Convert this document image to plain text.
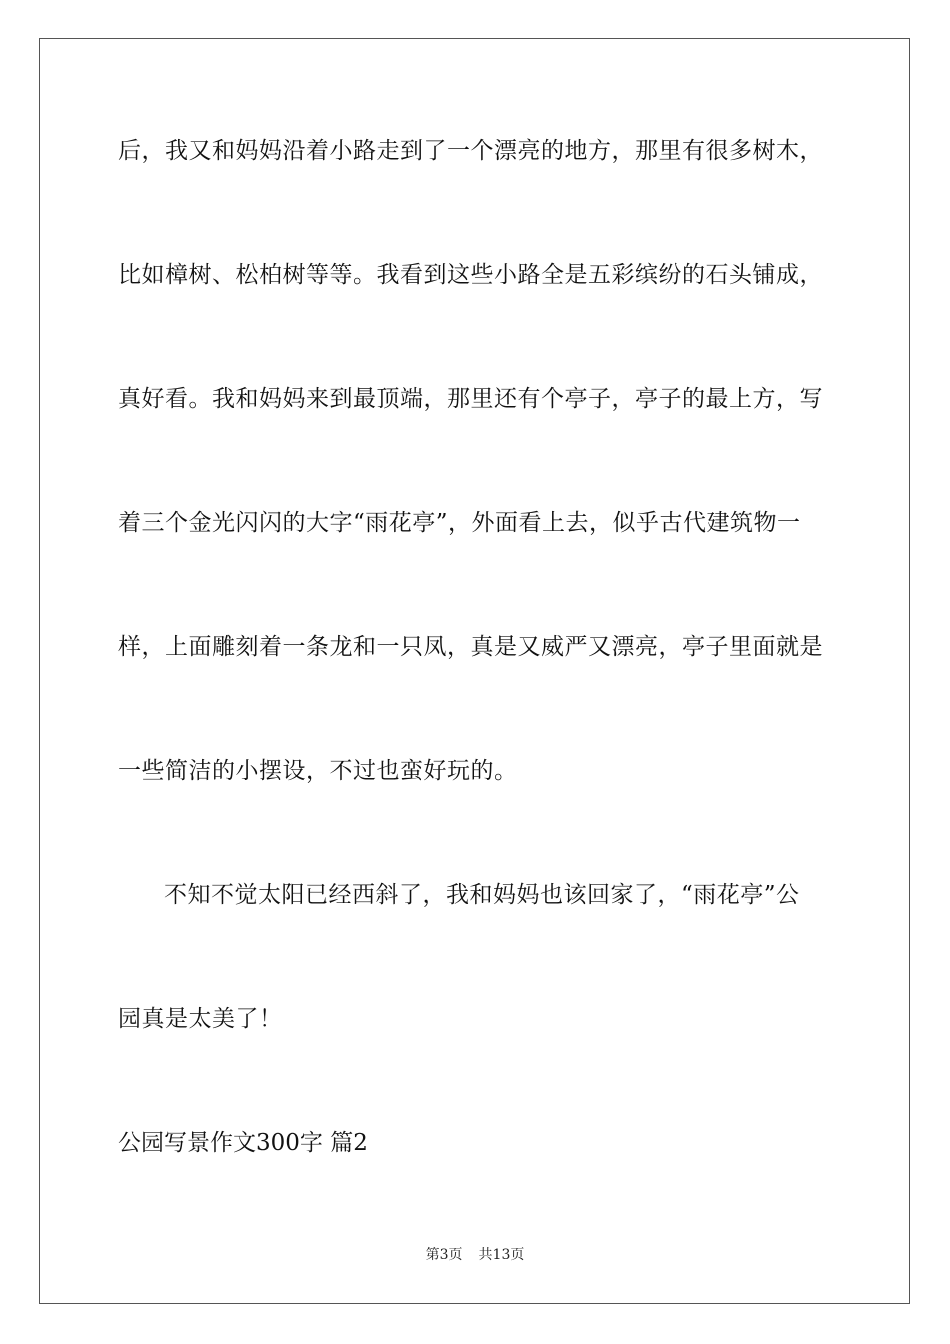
后，我又和妈妈沿着小路走到了一个漂亮的地方，那里有很多树木，
比如樟树、松柏树等等。我看到这些小路全是五彩缤纷的石头铺成，
真好看。我和妈妈来到最顶端，那里还有个亭子，亭子的最上方，写
着三个金光闪闪的大字“雨花亭”，外面看上去，似乎古代建筑物一
样，上面雕刻着一条龙和一只凤，真是又威严又漂亮，亭子里面就是
一些简洁的小摆设，不过也蛮好玩的。
不知不觉太阳已经西斜了，我和妈妈也该回家了，“雨花亭”公
园真是太美了！
公园写景作文300字 篇2
第3页 共13页
